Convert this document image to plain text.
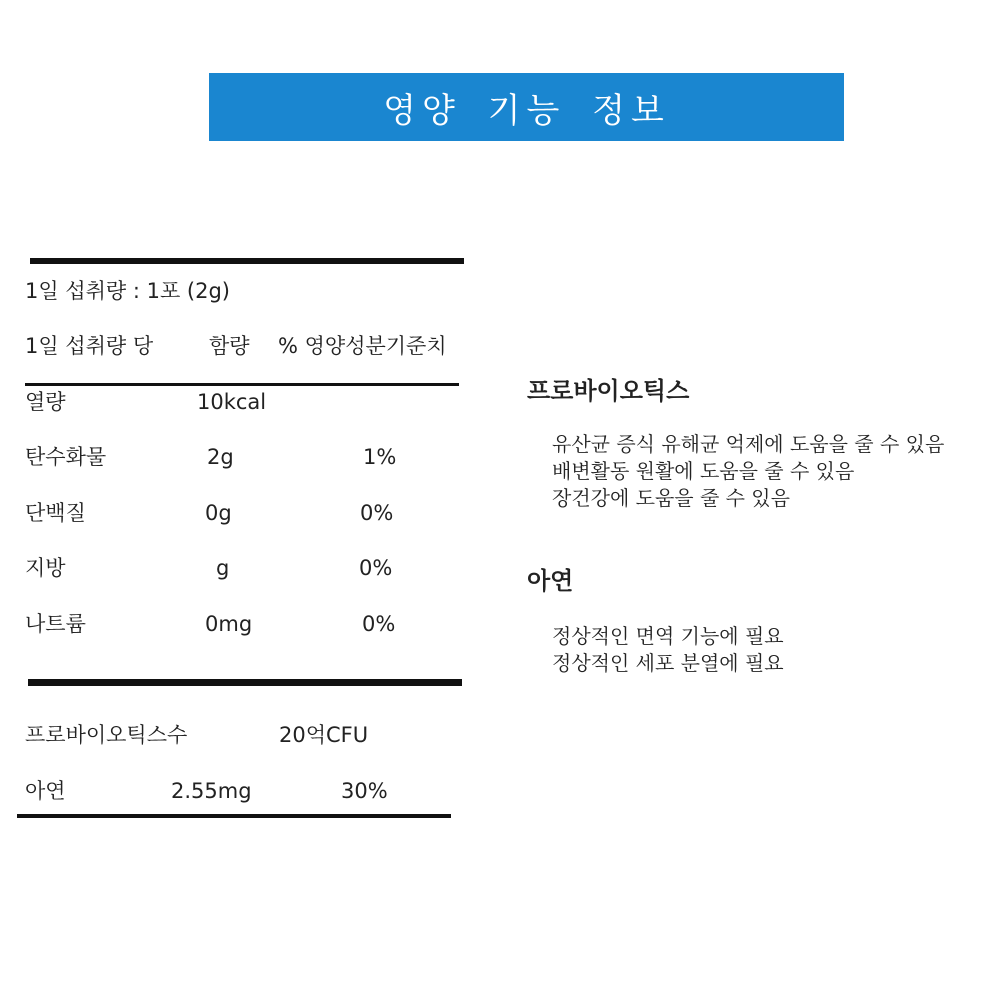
영양 기능 정보
1일 섭취량 : 1포 (2g)
1일 섭취량 당	함량 % 영양성분기준치
열량	10kcal
탄수화물	2g	1%
단백질	0g	0%
지방	g	0%
나트륨	0mg	0%
프로바이오틱스수	20억CFU
아연	2.55mg	30%
프로바이오틱스
유산균 증식 유해균 억제에 도움을 줄 수 있음
배변활동 원활에 도움을 줄 수 있음
장건강에 도움을 줄 수 있음
아연
정상적인 면역 기능에 필요
정상적인 세포 분열에 필요
